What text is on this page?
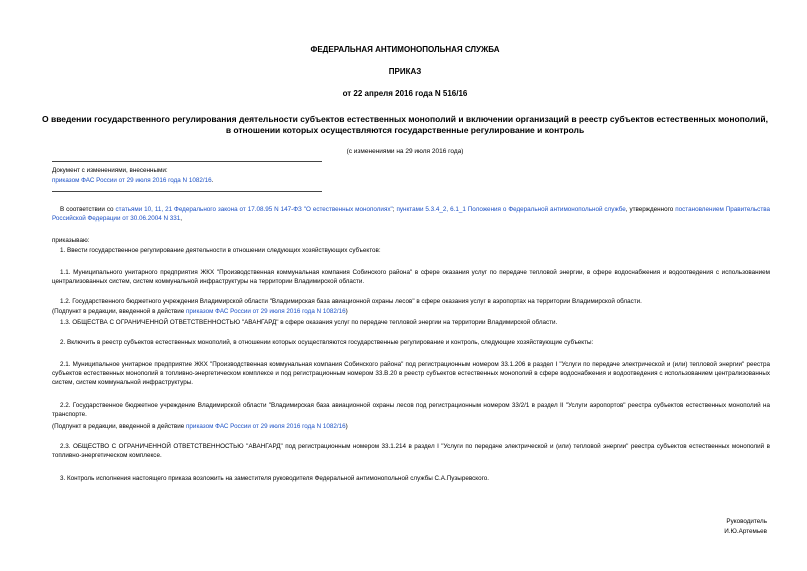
ФЕДЕРАЛЬНАЯ АНТИМОНОПОЛЬНАЯ СЛУЖБА
ПРИКАЗ
от 22 апреля 2016 года N 516/16
О введении государственного регулирования деятельности субъектов естественных монополий и включении организаций в реестр субъектов естественных монополий, в отношении которых осуществляются государственные регулирование и контроль
(с изменениями на 29 июля 2016 года)
Документ с изменениями, внесенными:
приказом ФАС России от 29 июля 2016 года N 1082/16.
В соответствии со статьями 10, 11, 21 Федерального закона от 17.08.95 N 147-ФЗ "О естественных монополиях"; пунктами 5.3.4_2, 6.1_1 Положения о Федеральной антимонопольной службе, утвержденного постановлением Правительства Российской Федерации от 30.06.2004 N 331,
приказываю:
1. Ввести государственное регулирование деятельности в отношении следующих хозяйствующих субъектов:
1.1. Муниципального унитарного предприятия ЖКХ "Производственная коммунальная компания Собинского района" в сфере оказания услуг по передаче тепловой энергии, в сфере водоснабжения и водоотведения с использованием централизованных систем, систем коммунальной инфраструктуры на территории Владимирской области.
1.2. Государственного бюджетного учреждения Владимирской области "Владимирская база авиационной охраны лесов" в сфере оказания услуг в аэропортах на территории Владимирской области.
(Подпункт в редакции, введенной в действие приказом ФАС России от 29 июля 2016 года N 1082/16)
1.3. ОБЩЕСТВА С ОГРАНИЧЕННОЙ ОТВЕТСТВЕННОСТЬЮ "АВАНГАРД" в сфере оказания услуг по передаче тепловой энергии на территории Владимирской области.
2. Включить в реестр субъектов естественных монополий, в отношении которых осуществляются государственные регулирование и контроль, следующие хозяйствующие субъекты:
2.1. Муниципальное унитарное предприятие ЖКХ "Производственная коммунальная компания Собинского района" под регистрационным номером 33.1.206 в раздел I "Услуги по передаче электрической и (или) тепловой энергии" реестра субъектов естественных монополий в топливно-энергетическом комплексе и под регистрационным номером 33.В.20 в реестр субъектов естественных монополий в сфере водоснабжения и водоотведения с использованием централизованных систем, систем коммунальной инфраструктуры.
2.2. Государственное бюджетное учреждение Владимирской области "Владимирская база авиационной охраны лесов под регистрационным номером 33/2/1 в раздел II "Услуги аэропортов" реестра субъектов естественных монополий на транспорте.
(Подпункт в редакции, введенной в действие приказом ФАС России от 29 июля 2016 года N 1082/16)
2.3. ОБЩЕСТВО С ОГРАНИЧЕННОЙ ОТВЕТСТВЕННОСТЬЮ "АВАНГАРД" под регистрационным номером 33.1.214 в раздел I "Услуги по передаче электрической и (или) тепловой энергии" реестра субъектов естественных монополий в топливно-энергетическом комплексе.
3. Контроль исполнения настоящего приказа возложить на заместителя руководителя Федеральной антимонопольной службы С.А.Пузыревского.
Руководитель
И.Ю.Артемьев
